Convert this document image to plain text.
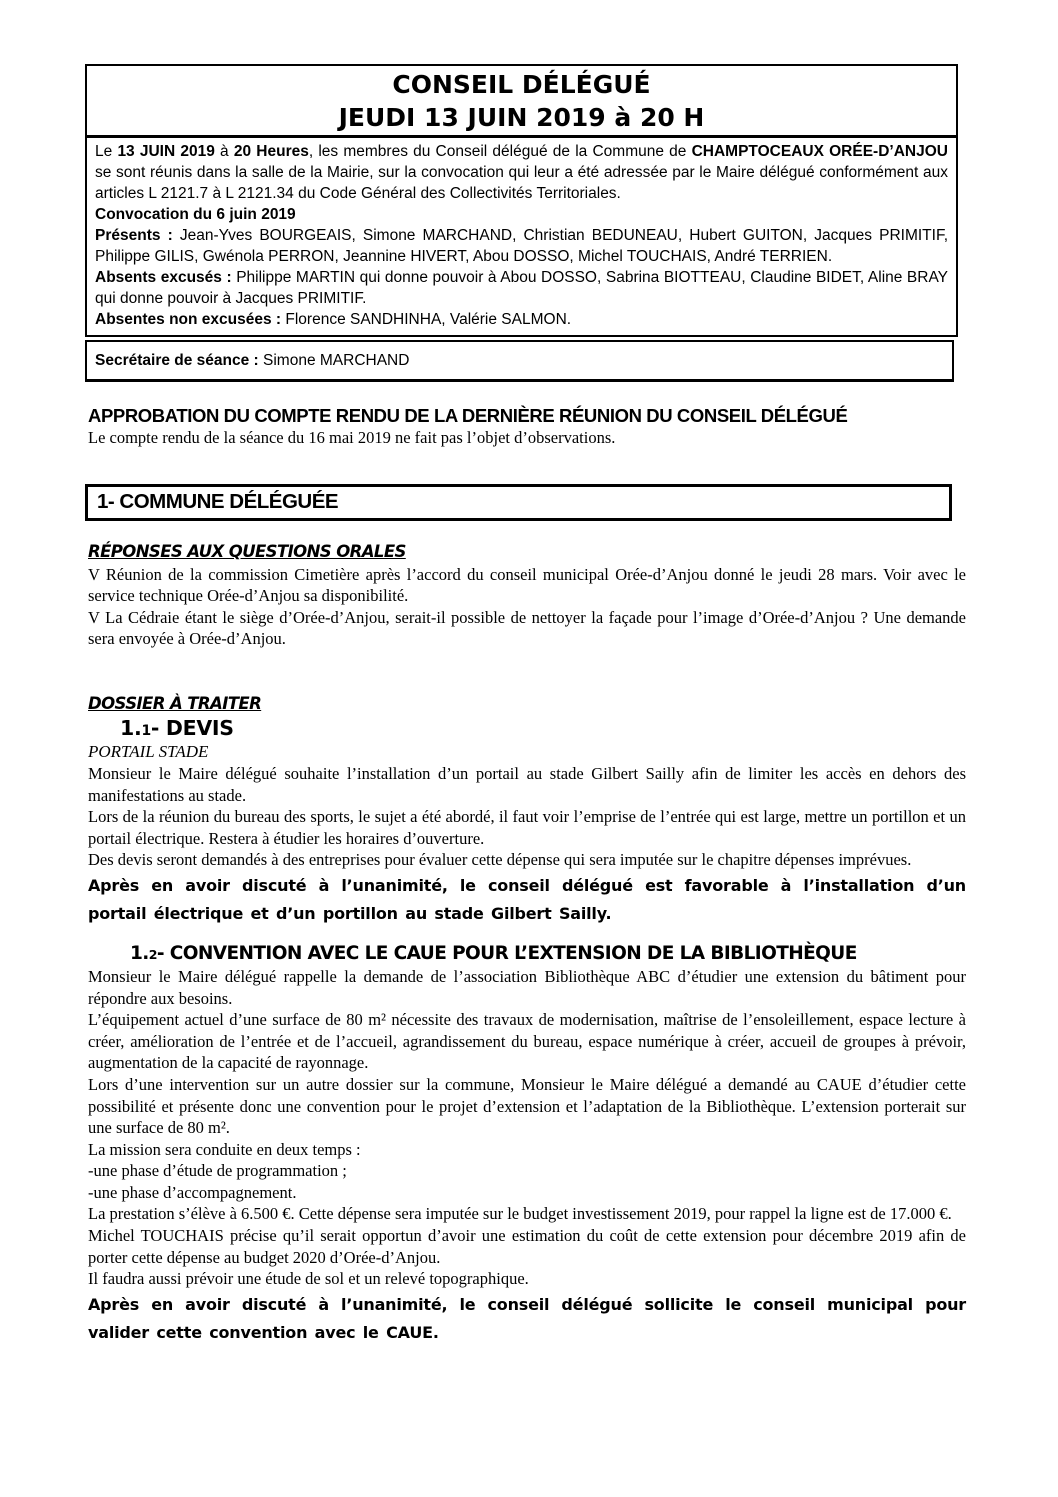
CONSEIL DÉLÉGUÉ
JEUDI 13 JUIN 2019 à 20 H

Le 13 JUIN 2019 à 20 Heures, les membres du Conseil délégué de la Commune de CHAMPTOCEAUX ORÉE-D’ANJOU se sont réunis dans la salle de la Mairie, sur la convocation qui leur a été adressée par le Maire délégué conformément aux articles L 2121.7 à L 2121.34 du Code Général des Collectivités Territoriales.

Convocation du 6 juin 2019

Présents : Jean-Yves BOURGEAIS, Simone MARCHAND, Christian BEDUNEAU, Hubert GUITON, Jacques PRIMITIF, Philippe GILIS, Gwénola PERRON, Jeannine HIVERT, Abou DOSSO, Michel TOUCHAIS, André TERRIEN.

Absents excusés : Philippe MARTIN qui donne pouvoir à Abou DOSSO, Sabrina BIOTTEAU, Claudine BIDET, Aline BRAY qui donne pouvoir à Jacques PRIMITIF.

Absentes non excusées : Florence SANDHINHA, Valérie SALMON.

Secrétaire de séance : Simone MARCHAND

APPROBATION DU COMPTE RENDU DE LA DERNIÈRE RÉUNION DU CONSEIL DÉLÉGUÉ

Le compte rendu de la séance du 16 mai 2019 ne fait pas l’objet d’observations.

1- COMMUNE DÉLÉGUÉE
RÉPONSES AUX QUESTIONS ORALES

V Réunion de la commission Cimetière après l’accord du conseil municipal Orée-d’Anjou donné le jeudi 28 mars. Voir avec le service technique Orée-d’Anjou sa disponibilité.

V La Cédraie étant le siège d’Orée-d’Anjou, serait-il possible de nettoyer la façade pour l’image d’Orée-d’Anjou ? Une demande sera envoyée à Orée-d’Anjou.

DOSSIER À TRAITER
1.1- DEVIS
PORTAIL STADE

Monsieur le Maire délégué souhaite l’installation d’un portail au stade Gilbert Sailly afin de limiter les accès en dehors des manifestations au stade.

Lors de la réunion du bureau des sports, le sujet a été abordé, il faut voir l’emprise de l’entrée qui est large, mettre un portillon et un portail électrique. Restera à étudier les horaires d’ouverture.

Des devis seront demandés à des entreprises pour évaluer cette dépense qui sera imputée sur le chapitre dépenses imprévues.

Après en avoir discuté à l’unanimité, le conseil délégué est favorable à l’installation d’un portail électrique et d’un portillon au stade Gilbert Sailly.

1.2- CONVENTION AVEC LE CAUE POUR L’EXTENSION DE LA BIBLIOTHÈQUE

Monsieur le Maire délégué rappelle la demande de l’association Bibliothèque ABC d’étudier une extension du bâtiment pour répondre aux besoins.

L’équipement actuel d’une surface de 80 m² nécessite des travaux de modernisation, maîtrise de l’ensoleillement, espace lecture à créer, amélioration de l’entrée et de l’accueil, agrandissement du bureau, espace numérique à créer, accueil de groupes à prévoir, augmentation de la capacité de rayonnage.

Lors d’une intervention sur un autre dossier sur la commune, Monsieur le Maire délégué a demandé au CAUE d’étudier cette possibilité et présente donc une convention pour le projet d’extension et l’adaptation de la Bibliothèque. L’extension porterait sur une surface de 80 m².

La mission sera conduite en deux temps :

-une phase d’étude de programmation ;

-une phase d’accompagnement.

La prestation s’élève à 6.500 €. Cette dépense sera imputée sur le budget investissement 2019, pour rappel la ligne est de 17.000 €.

Michel TOUCHAIS précise qu’il serait opportun d’avoir une estimation du coût de cette extension pour décembre 2019 afin de porter cette dépense au budget 2020 d’Orée-d’Anjou.

Il faudra aussi prévoir une étude de sol et un relevé topographique.

Après en avoir discuté à l’unanimité, le conseil délégué sollicite le conseil municipal pour valider cette convention avec le CAUE.
